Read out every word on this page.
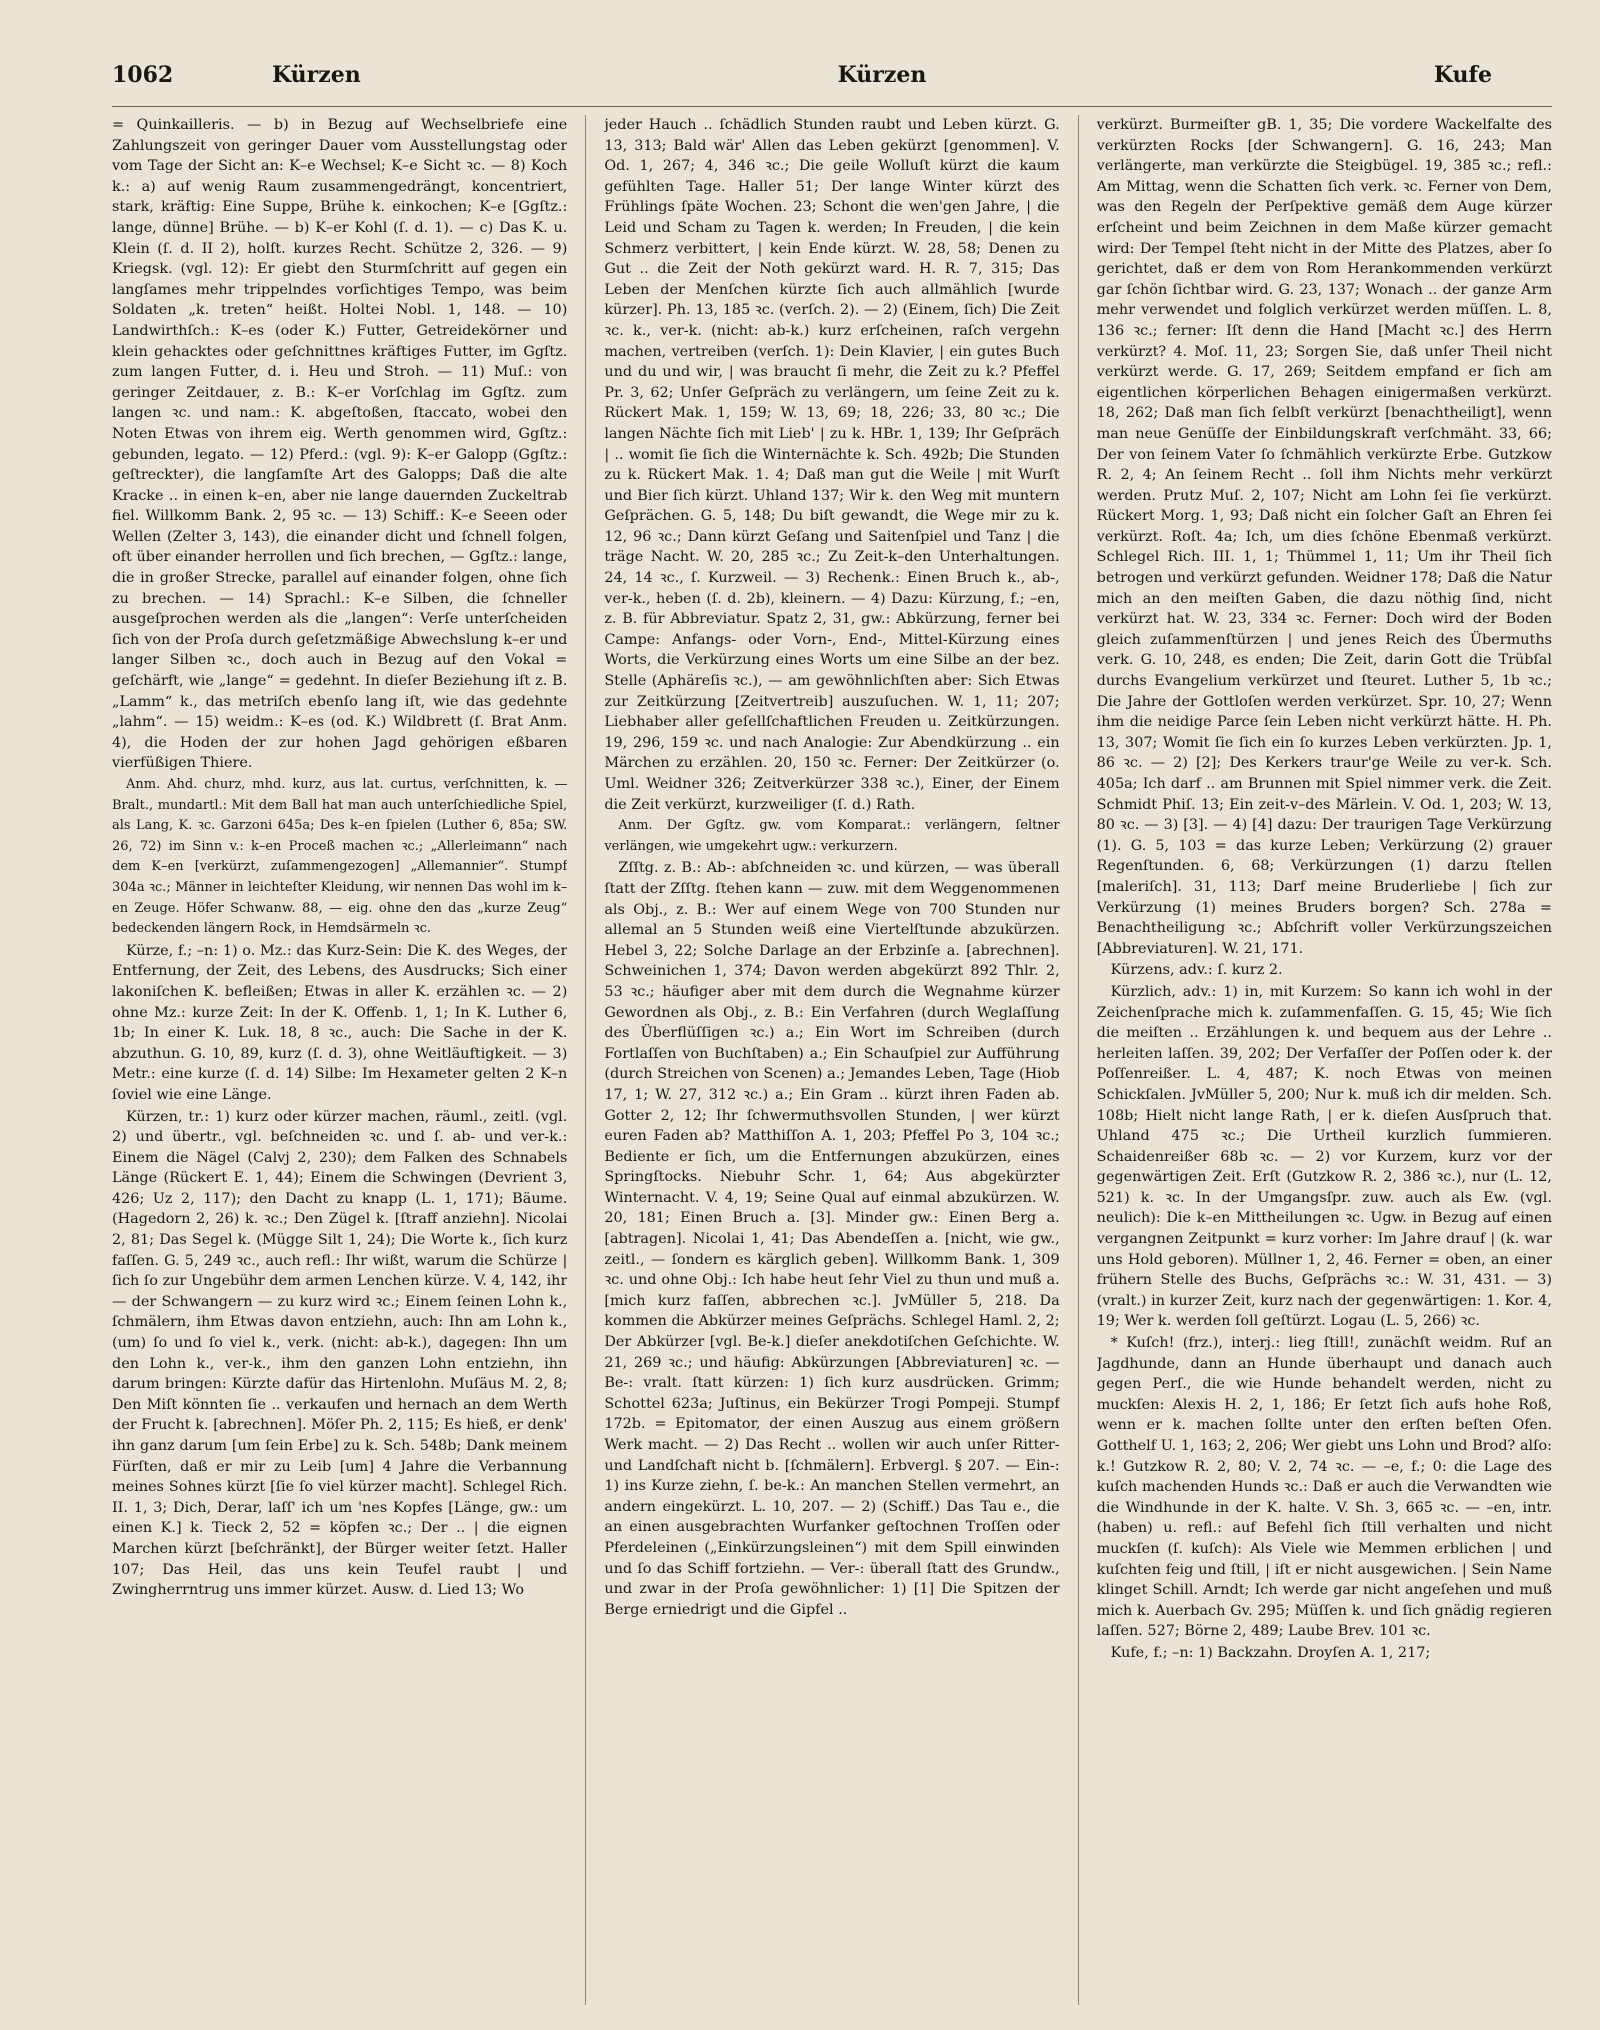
1062	Kürzen	Kürzen	Kufe

= Quinkailleris. — b) in Bezug auf Wechselbriefe eine Zahlungszeit von geringer Dauer vom Ausstellungstag oder vom Tage der Sicht an: K–e Wechsel; K–e Sicht ꝛc. — 8) Koch k.: a) auf wenig Raum zusammengedrängt, koncentriert, stark, kräftig: Eine Suppe, Brühe k. einkochen; K–e [Ggſtz.: lange, dünne] Brühe. — b) K–er Kohl (ſ. d. 1). — c) Das K. u. Klein (ſ. d. II 2), holſt. kurzes Recht. Schütze 2, 326. — 9) Kriegsk. (vgl. 12): Er giebt den Sturmſchritt auf gegen ein langſames mehr trippelndes vorſichtiges Tempo, was beim Soldaten „k. treten“ heißt. Holtei Nobl. 1, 148. — 10) Landwirthſch.: K–es (oder K.) Futter, Getreidekörner und klein gehacktes oder geſchnittnes kräftiges Futter, im Ggſtz. zum langen Futter, d. i. Heu und Stroh. — 11) Muſ.: von geringer Zeitdauer, z. B.: K–er Vorſchlag im Ggſtz. zum langen ꝛc. und nam.: K. abgeſtoßen, ſtaccato, wobei den Noten Etwas von ihrem eig. Werth genommen wird, Ggſtz.: gebunden, legato. — 12) Pferd.: (vgl. 9): K–er Galopp (Ggſtz.: geſtreckter), die langſamſte Art des Galopps; Daß die alte Kracke .. in einen k–en, aber nie lange dauernden Zuckeltrab fiel. Willkomm Bank. 2, 95 ꝛc. — 13) Schiff.: K–e Seeen oder Wellen (Zelter 3, 143), die einander dicht und ſchnell folgen, oft über einander herrollen und ſich brechen, — Ggſtz.: lange, die in großer Strecke, parallel auf einander folgen, ohne ſich zu brechen. — 14) Sprachl.: K–e Silben, die ſchneller ausgeſprochen werden als die „langen“: Verſe unterſcheiden ſich von der Proſa durch geſetzmäßige Abwechslung k–er und langer Silben ꝛc., doch auch in Bezug auf den Vokal = geſchärft, wie „lange“ = gedehnt. In dieſer Beziehung iſt z. B. „Lamm“ k., das metriſch ebenſo lang iſt, wie das gedehnte „lahm“. — 15) weidm.: K–es (od. K.) Wildbrett (ſ. Brat Anm. 4), die Hoden der zur hohen Jagd gehörigen eßbaren vierfüßigen Thiere.

Anm. Ahd. churz, mhd. kurz, aus lat. curtus, verſchnitten, k. — Bralt., mundartl.: Mit dem Ball hat man auch unterſchiedliche Spiel, als Lang, K. ꝛc. Garzoni 645a; Des k–en ſpielen (Luther 6, 85a; SW. 26, 72) im Sinn v.: k–en Proceß machen ꝛc.; „Allerleimann“ nach dem K–en [verkürzt, zuſammengezogen] „Allemannier“. Stumpf 304a ꝛc.; Männer in leichteſter Kleidung, wir nennen Das wohl im k–en Zeuge. Höfer Schwanw. 88, — eig. ohne den das „kurze Zeug“ bedeckenden längern Rock, in Hemdsärmeln ꝛc.

Kürze, f.; –n: 1) o. Mz.: das Kurz-Sein: Die K. des Weges, der Entfernung, der Zeit, des Lebens, des Ausdrucks; Sich einer lakoniſchen K. befleißen; Etwas in aller K. erzählen ꝛc. — 2) ohne Mz.: kurze Zeit: In der K. Offenb. 1, 1; In K. Luther 6, 1b; In einer K. Luk. 18, 8 ꝛc., auch: Die Sache in der K. abzuthun. G. 10, 89, kurz (ſ. d. 3), ohne Weitläuftigkeit. — 3) Metr.: eine kurze (ſ. d. 14) Silbe: Im Hexameter gelten 2 K–n ſoviel wie eine Länge.

Kürzen, tr.: 1) kurz oder kürzer machen, räuml., zeitl. (vgl. 2) und übertr., vgl. beſchneiden ꝛc. und ſ. ab- und ver-k.: Einem die Nägel (Calvj 2, 230); dem Falken des Schnabels Länge (Rückert E. 1, 44); Einem die Schwingen (Devrient 3, 426; Uz 2, 117); den Dacht zu knapp (L. 1, 171); Bäume. (Hagedorn 2, 26) k. ꝛc.; Den Zügel k. [ſtraff anziehn]. Nicolai 2, 81; Das Segel k. (Mügge Silt 1, 24); Die Worte k., ſich kurz faſſen. G. 5, 249 ꝛc., auch refl.: Ihr wißt, warum die Schürze | ſich ſo zur Ungebühr dem armen Lenchen kürze. V. 4, 142, ihr — der Schwangern — zu kurz wird ꝛc.; Einem ſeinen Lohn k., ſchmälern, ihm Etwas davon entziehn, auch: Ihn am Lohn k., (um) ſo und ſo viel k., verk. (nicht: ab-k.), dagegen: Ihn um den Lohn k., ver-k., ihm den ganzen Lohn entziehn, ihn darum bringen: Kürzte dafür das Hirtenlohn. Muſäus M. 2, 8; Den Miſt könnten ſie .. verkaufen und hernach an dem Werth der Frucht k. [abrechnen]. Möſer Ph. 2, 115; Es hieß, er denk' ihn ganz darum [um ſein Erbe] zu k. Sch. 548b; Dank meinem Fürſten, daß er mir zu Leib [um] 4 Jahre die Verbannung meines Sohnes kürzt [ſie ſo viel kürzer macht]. Schlegel Rich. II. 1, 3; Dich, Derar, laſſ' ich um 'nes Kopfes [Länge, gw.: um einen K.] k. Tieck 2, 52 = köpfen ꝛc.; Der .. | die eignen Marchen kürzt [beſchränkt], der Bürger weiter ſetzt. Haller 107; Das Heil, das uns kein Teufel raubt | und Zwingherrntrug uns immer kürzet. Ausw. d. Lied 13; Wo

jeder Hauch .. ſchädlich Stunden raubt und Leben kürzt. G. 13, 313; Bald wär' Allen das Leben gekürzt [genommen]. V. Od. 1, 267; 4, 346 ꝛc.; Die geile Wolluſt kürzt die kaum gefühlten Tage. Haller 51; Der lange Winter kürzt des Frühlings ſpäte Wochen. 23; Schont die wen'gen Jahre, | die Leid und Scham zu Tagen k. werden; In Freuden, | die kein Schmerz verbittert, | kein Ende kürzt. W. 28, 58; Denen zu Gut .. die Zeit der Noth gekürzt ward. H. R. 7, 315; Das Leben der Menſchen kürzte ſich auch allmählich [wurde kürzer]. Ph. 13, 185 ꝛc. (verſch. 2). — 2) (Einem, ſich) Die Zeit ꝛc. k., ver-k. (nicht: ab-k.) kurz erſcheinen, raſch vergehn machen, vertreiben (verſch. 1): Dein Klavier, | ein gutes Buch und du und wir, | was braucht ſi mehr, die Zeit zu k.? Pfeffel Pr. 3, 62; Unſer Geſpräch zu verlängern, um ſeine Zeit zu k. Rückert Mak. 1, 159; W. 13, 69; 18, 226; 33, 80 ꝛc.; Die langen Nächte ſich mit Lieb' | zu k. HBr. 1, 139; Ihr Geſpräch | .. womit ſie ſich die Winternächte k. Sch. 492b; Die Stunden zu k. Rückert Mak. 1. 4; Daß man gut die Weile | mit Wurſt und Bier ſich kürzt. Uhland 137; Wir k. den Weg mit muntern Geſprächen. G. 5, 148; Du biſt gewandt, die Wege mir zu k. 12, 96 ꝛc.; Dann kürzt Geſang und Saitenſpiel und Tanz | die träge Nacht. W. 20, 285 ꝛc.; Zu Zeit-k–den Unterhaltungen. 24, 14 ꝛc., ſ. Kurzweil. — 3) Rechenk.: Einen Bruch k., ab-, ver-k., heben (ſ. d. 2b), kleinern. — 4) Dazu: Kürzung, f.; –en, z. B. für Abbreviatur. Spatz 2, 31, gw.: Abkürzung, ferner bei Campe: Anfangs- oder Vorn-, End-, Mittel-Kürzung eines Worts, die Verkürzung eines Worts um eine Silbe an der bez. Stelle (Aphäreſis ꝛc.), — am gewöhnlichſten aber: Sich Etwas zur Zeitkürzung [Zeitvertreib] auszuſuchen. W. 1, 11; 207; Liebhaber aller geſellſchaftlichen Freuden u. Zeitkürzungen. 19, 296, 159 ꝛc. und nach Analogie: Zur Abendkürzung .. ein Märchen zu erzählen. 20, 150 ꝛc. Ferner: Der Zeitkürzer (o. Uml. Weidner 326; Zeitverkürzer 338 ꝛc.), Einer, der Einem die Zeit verkürzt, kurzweiliger (ſ. d.) Rath.

Anm. Der Ggſtz. gw. vom Komparat.: verlängern, ſeltner verlängen, wie umgekehrt ugw.: verkurzern.

Zſſtg. z. B.: Ab-: abſchneiden ꝛc. und kürzen, — was überall ſtatt der Zſſtg. ſtehen kann — zuw. mit dem Weggenommenen als Obj., z. B.: Wer auf einem Wege von 700 Stunden nur allemal an 5 Stunden weiß eine Viertelſtunde abzukürzen. Hebel 3, 22; Solche Darlage an der Erbzinſe a. [abrechnen]. Schweinichen 1, 374; Davon werden abgekürzt 892 Thlr. 2, 53 ꝛc.; häufiger aber mit dem durch die Wegnahme kürzer Gewordnen als Obj., z. B.: Ein Verfahren (durch Weglaſſung des Überflüſſigen ꝛc.) a.; Ein Wort im Schreiben (durch Fortlaſſen von Buchſtaben) a.; Ein Schauſpiel zur Aufführung (durch Streichen von Scenen) a.; Jemandes Leben, Tage (Hiob 17, 1; W. 27, 312 ꝛc.) a.; Ein Gram .. kürzt ihren Faden ab. Gotter 2, 12; Ihr ſchwermuthsvollen Stunden, | wer kürzt euren Faden ab? Matthiſſon A. 1, 203; Pfeffel Po 3, 104 ꝛc.; Bediente er ſich, um die Entfernungen abzukürzen, eines Springſtocks. Niebuhr Schr. 1, 64; Aus abgekürzter Winternacht. V. 4, 19; Seine Qual auf einmal abzukürzen. W. 20, 181; Einen Bruch a. [3]. Minder gw.: Einen Berg a. [abtragen]. Nicolai 1, 41; Das Abendeſſen a. [nicht, wie gw., zeitl., — ſondern es kärglich geben]. Willkomm Bank. 1, 309 ꝛc. und ohne Obj.: Ich habe heut ſehr Viel zu thun und muß a. [mich kurz faſſen, abbrechen ꝛc.]. JvMüller 5, 218. Da kommen die Abkürzer meines Geſprächs. Schlegel Haml. 2, 2; Der Abkürzer [vgl. Be-k.] dieſer anekdotiſchen Geſchichte. W. 21, 269 ꝛc.; und häufig: Abkürzungen [Abbreviaturen] ꝛc. — Be-: vralt. ſtatt kürzen: 1) ſich kurz ausdrücken. Grimm; Schottel 623a; Juſtinus, ein Bekürzer Trogi Pompeji. Stumpf 172b. = Epitomator, der einen Auszug aus einem größern Werk macht. — 2) Das Recht .. wollen wir auch unſer Ritter- und Landſchaft nicht b. [ſchmälern]. Erbvergl. § 207. — Ein-: 1) ins Kurze ziehn, ſ. be-k.: An manchen Stellen vermehrt, an andern eingekürzt. L. 10, 207. — 2) (Schiff.) Das Tau e., die an einen ausgebrachten Wurfanker geſtochnen Troſſen oder Pferdeleinen („Einkürzungsleinen“) mit dem Spill einwinden und ſo das Schiff fortziehn. — Ver-: überall ſtatt des Grundw., und zwar in der Proſa gewöhnlicher: 1) [1] Die Spitzen der Berge erniedrigt und die Gipfel ..

verkürzt. Burmeiſter gB. 1, 35; Die vordere Wackelfalte des verkürzten Rocks [der Schwangern]. G. 16, 243; Man verlängerte, man verkürzte die Steigbügel. 19, 385 ꝛc.; refl.: Am Mittag, wenn die Schatten ſich verk. ꝛc. Ferner von Dem, was den Regeln der Perſpektive gemäß dem Auge kürzer erſcheint und beim Zeichnen in dem Maße kürzer gemacht wird: Der Tempel ſteht nicht in der Mitte des Platzes, aber ſo gerichtet, daß er dem von Rom Herankommenden verkürzt gar ſchön ſichtbar wird. G. 23, 137; Wonach .. der ganze Arm mehr verwendet und folglich verkürzet werden müſſen. L. 8, 136 ꝛc.; ferner: Iſt denn die Hand [Macht ꝛc.] des Herrn verkürzt? 4. Moſ. 11, 23; Sorgen Sie, daß unſer Theil nicht verkürzt werde. G. 17, 269; Seitdem empfand er ſich am eigentlichen körperlichen Behagen einigermaßen verkürzt. 18, 262; Daß man ſich ſelbſt verkürzt [benachtheiligt], wenn man neue Genüſſe der Einbildungskraft verſchmäht. 33, 66; Der von ſeinem Vater ſo ſchmählich verkürzte Erbe. Gutzkow R. 2, 4; An ſeinem Recht .. ſoll ihm Nichts mehr verkürzt werden. Prutz Muſ. 2, 107; Nicht am Lohn ſei ſie verkürzt. Rückert Morg. 1, 93; Daß nicht ein ſolcher Gaſt an Ehren ſei verkürzt. Roſt. 4a; Ich, um dies ſchöne Ebenmaß verkürzt. Schlegel Rich. III. 1, 1; Thümmel 1, 11; Um ihr Theil ſich betrogen und verkürzt gefunden. Weidner 178; Daß die Natur mich an den meiſten Gaben, die dazu nöthig ſind, nicht verkürzt hat. W. 23, 334 ꝛc. Ferner: Doch wird der Boden gleich zuſammenſtürzen | und jenes Reich des Übermuths verk. G. 10, 248, es enden; Die Zeit, darin Gott die Trübſal durchs Evangelium verkürzet und ſteuret. Luther 5, 1b ꝛc.; Die Jahre der Gottloſen werden verkürzet. Spr. 10, 27; Wenn ihm die neidige Parce ſein Leben nicht verkürzt hätte. H. Ph. 13, 307; Womit ſie ſich ein ſo kurzes Leben verkürzten. Jp. 1, 86 ꝛc. — 2) [2]; Des Kerkers traur'ge Weile zu ver-k. Sch. 405a; Ich darf .. am Brunnen mit Spiel nimmer verk. die Zeit. Schmidt Phiſ. 13; Ein zeit-v–des Märlein. V. Od. 1, 203; W. 13, 80 ꝛc. — 3) [3]. — 4) [4] dazu: Der traurigen Tage Verkürzung (1). G. 5, 103 = das kurze Leben; Verkürzung (2) grauer Regenſtunden. 6, 68; Verkürzungen (1) darzu ſtellen [maleriſch]. 31, 113; Darf meine Bruderliebe | ſich zur Verkürzung (1) meines Bruders borgen? Sch. 278a = Benachtheiligung ꝛc.; Abſchrift voller Verkürzungszeichen [Abbreviaturen]. W. 21, 171.

Kürzens, adv.: ſ. kurz 2.

Kürzlich, adv.: 1) in, mit Kurzem: So kann ich wohl in der Zeichenſprache mich k. zuſammenfaſſen. G. 15, 45; Wie ſich die meiſten .. Erzählungen k. und bequem aus der Lehre .. herleiten laſſen. 39, 202; Der Verfaſſer der Poſſen oder k. der Poſſenreißer. L. 4, 487; K. noch Etwas von meinen Schickſalen. JvMüller 5, 200; Nur k. muß ich dir melden. Sch. 108b; Hielt nicht lange Rath, | er k. dieſen Ausſpruch that. Uhland 475 ꝛc.; Die Urtheil kurzlich ſummieren. Schaidenreißer 68b ꝛc. — 2) vor Kurzem, kurz vor der gegenwärtigen Zeit. Erſt (Gutzkow R. 2, 386 ꝛc.), nur (L. 12, 521) k. ꝛc. In der Umgangsſpr. zuw. auch als Ew. (vgl. neulich): Die k–en Mittheilungen ꝛc. Ugw. in Bezug auf einen vergangnen Zeitpunkt = kurz vorher: Im Jahre drauf | (k. war uns Hold geboren). Müllner 1, 2, 46. Ferner = oben, an einer frühern Stelle des Buchs, Geſprächs ꝛc.: W. 31, 431. — 3) (vralt.) in kurzer Zeit, kurz nach der gegenwärtigen: 1. Kor. 4, 19; Wer k. werden ſoll geſtürzt. Logau (L. 5, 266) ꝛc.

* Kuſch! (frz.), interj.: lieg ſtill!, zunächſt weidm. Ruf an Jagdhunde, dann an Hunde überhaupt und danach auch gegen Perſ., die wie Hunde behandelt werden, nicht zu muckſen: Alexis H. 2, 1, 186; Er ſetzt ſich aufs hohe Roß, wenn er k. machen ſollte unter den erſten beſten Ofen. Gotthelf U. 1, 163; 2, 206; Wer giebt uns Lohn und Brod? alſo: k.! Gutzkow R. 2, 80; V. 2, 74 ꝛc. — –e, f.; 0: die Lage des kuſch machenden Hunds ꝛc.: Daß er auch die Verwandten wie die Windhunde in der K. halte. V. Sh. 3, 665 ꝛc. — –en, intr. (haben) u. refl.: auf Befehl ſich ſtill verhalten und nicht muckſen (ſ. kuſch): Als Viele wie Memmen erblichen | und kuſchten feig und ſtill, | iſt er nicht ausgewichen. | Sein Name klinget Schill. Arndt; Ich werde gar nicht angeſehen und muß mich k. Auerbach Gv. 295; Müſſen k. und ſich gnädig regieren laſſen. 527; Börne 2, 489; Laube Brev. 101 ꝛc.

Kufe, f.; –n: 1) Backzahn. Droyſen A. 1, 217;
